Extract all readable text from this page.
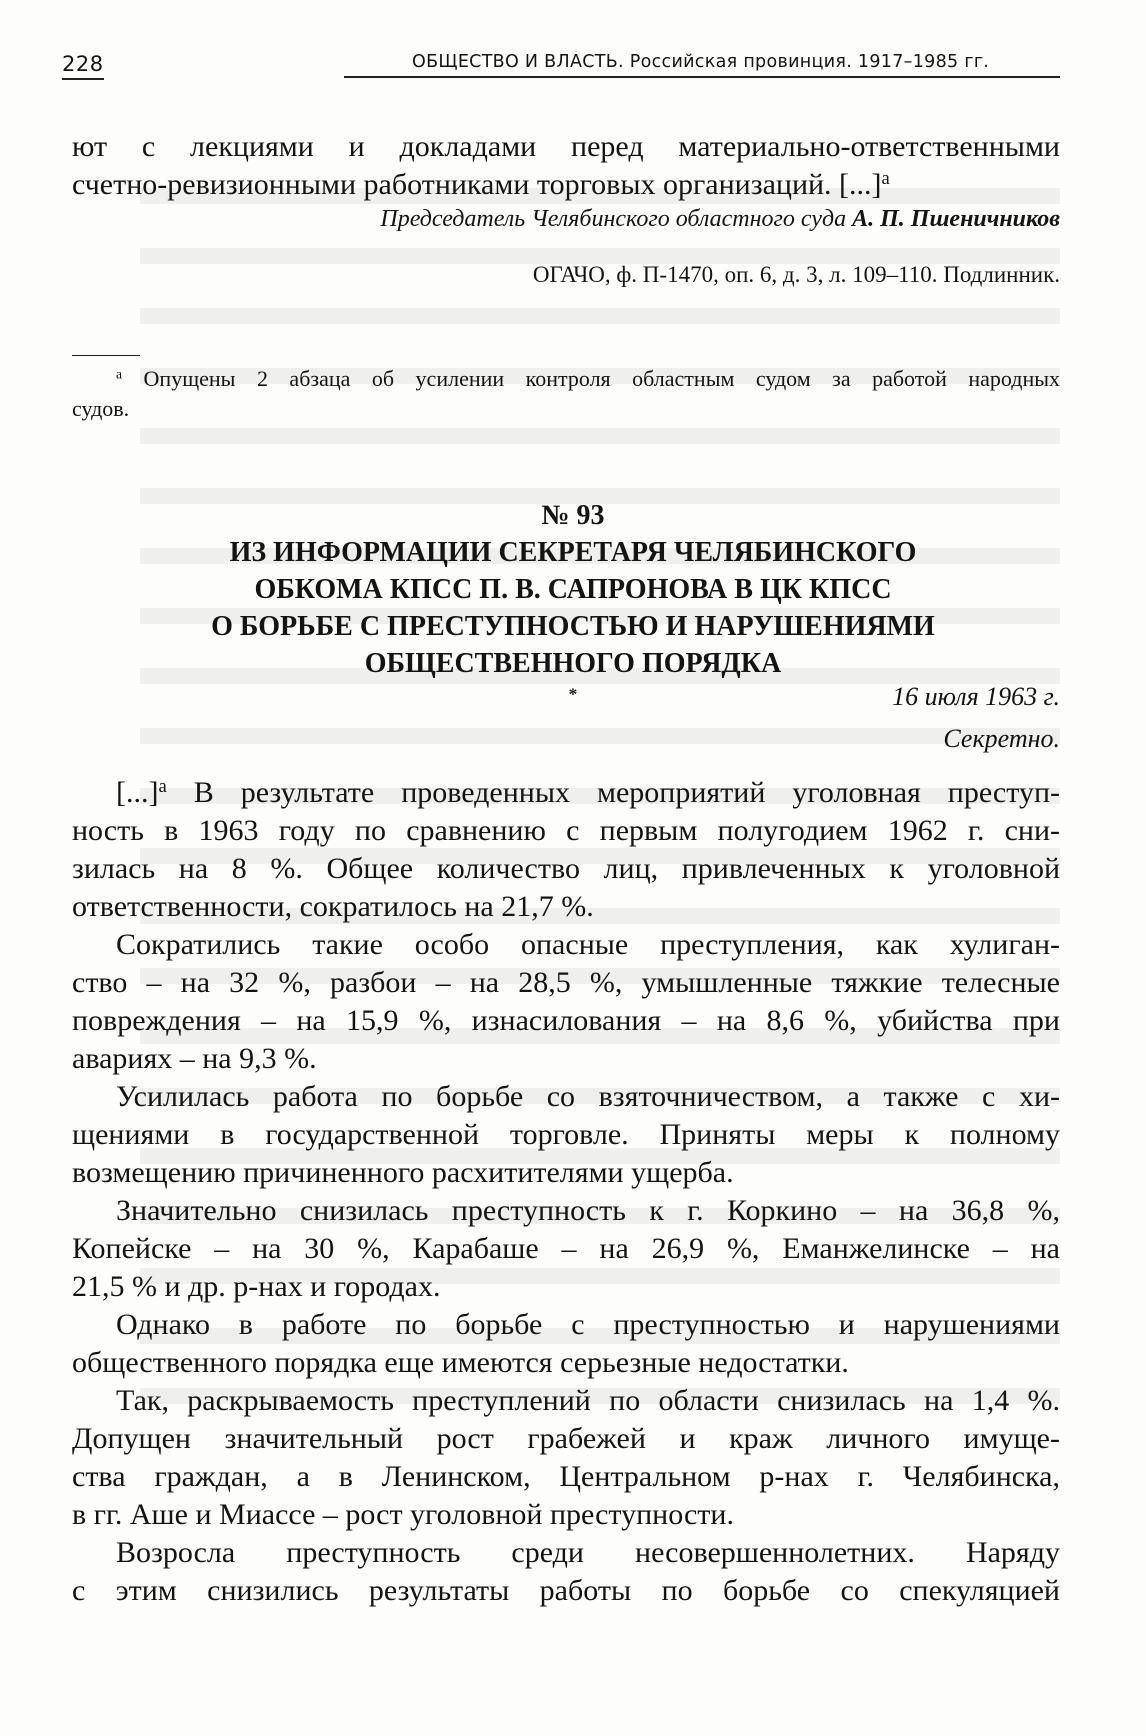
228	ОБЩЕСТВО И ВЛАСТЬ. Российская провинция. 1917–1985 гг.
ют с лекциями и докладами перед материально-ответственными
счетно-ревизионными работниками торговых организаций. [...]$^a$
Председатель Челябинского областного суда А. П. Пшеничников
ОГАЧО, ф. П-1470, оп. 6, д. 3, л. 109–110. Подлинник.
$^a$ Опущены 2 абзаца об усилении контроля областным судом за работой народных
судов.
№ 93
ИЗ ИНФОРМАЦИИ СЕКРЕТАРЯ ЧЕЛЯБИНСКОГО
ОБКОМА КПСС П. В. САПРОНОВА В ЦК КПСС
О БОРЬБЕ С ПРЕСТУПНОСТЬЮ И НАРУШЕНИЯМИ
ОБЩЕСТВЕННОГО ПОРЯДКА
*	16 июля 1963 г.
Секретно.
[...]$^a$ В результате проведенных мероприятий уголовная преступ-
ность в 1963 году по сравнению с первым полугодием 1962 г. сни-
зилась на 8 %. Общее количество лиц, привлеченных к уголовной
ответственности, сократилось на 21,7 %.
Сократились такие особо опасные преступления, как хулиган-
ство – на 32 %, разбои – на 28,5 %, умышленные тяжкие телесные
повреждения – на 15,9 %, изнасилования – на 8,6 %, убийства при
авариях – на 9,3 %.
Усилилась работа по борьбе со взяточничеством, а также с хи-
щениями в государственной торговле. Приняты меры к полному
возмещению причиненного расхитителями ущерба.
Значительно снизилась преступность к г. Коркино – на 36,8 %,
Копейске – на 30 %, Карабаше – на 26,9 %, Еманжелинске – на
21,5 % и др. р-нах и городах.
Однако в работе по борьбе с преступностью и нарушениями
общественного порядка еще имеются серьезные недостатки.
Так, раскрываемость преступлений по области снизилась на 1,4 %.
Допущен значительный рост грабежей и краж личного имуще-
ства граждан, а в Ленинском, Центральном р-нах г. Челябинска,
в гг. Аше и Миассе – рост уголовной преступности.
Возросла преступность среди несовершеннолетних. Наряду
с этим снизились результаты работы по борьбе со спекуляцией
